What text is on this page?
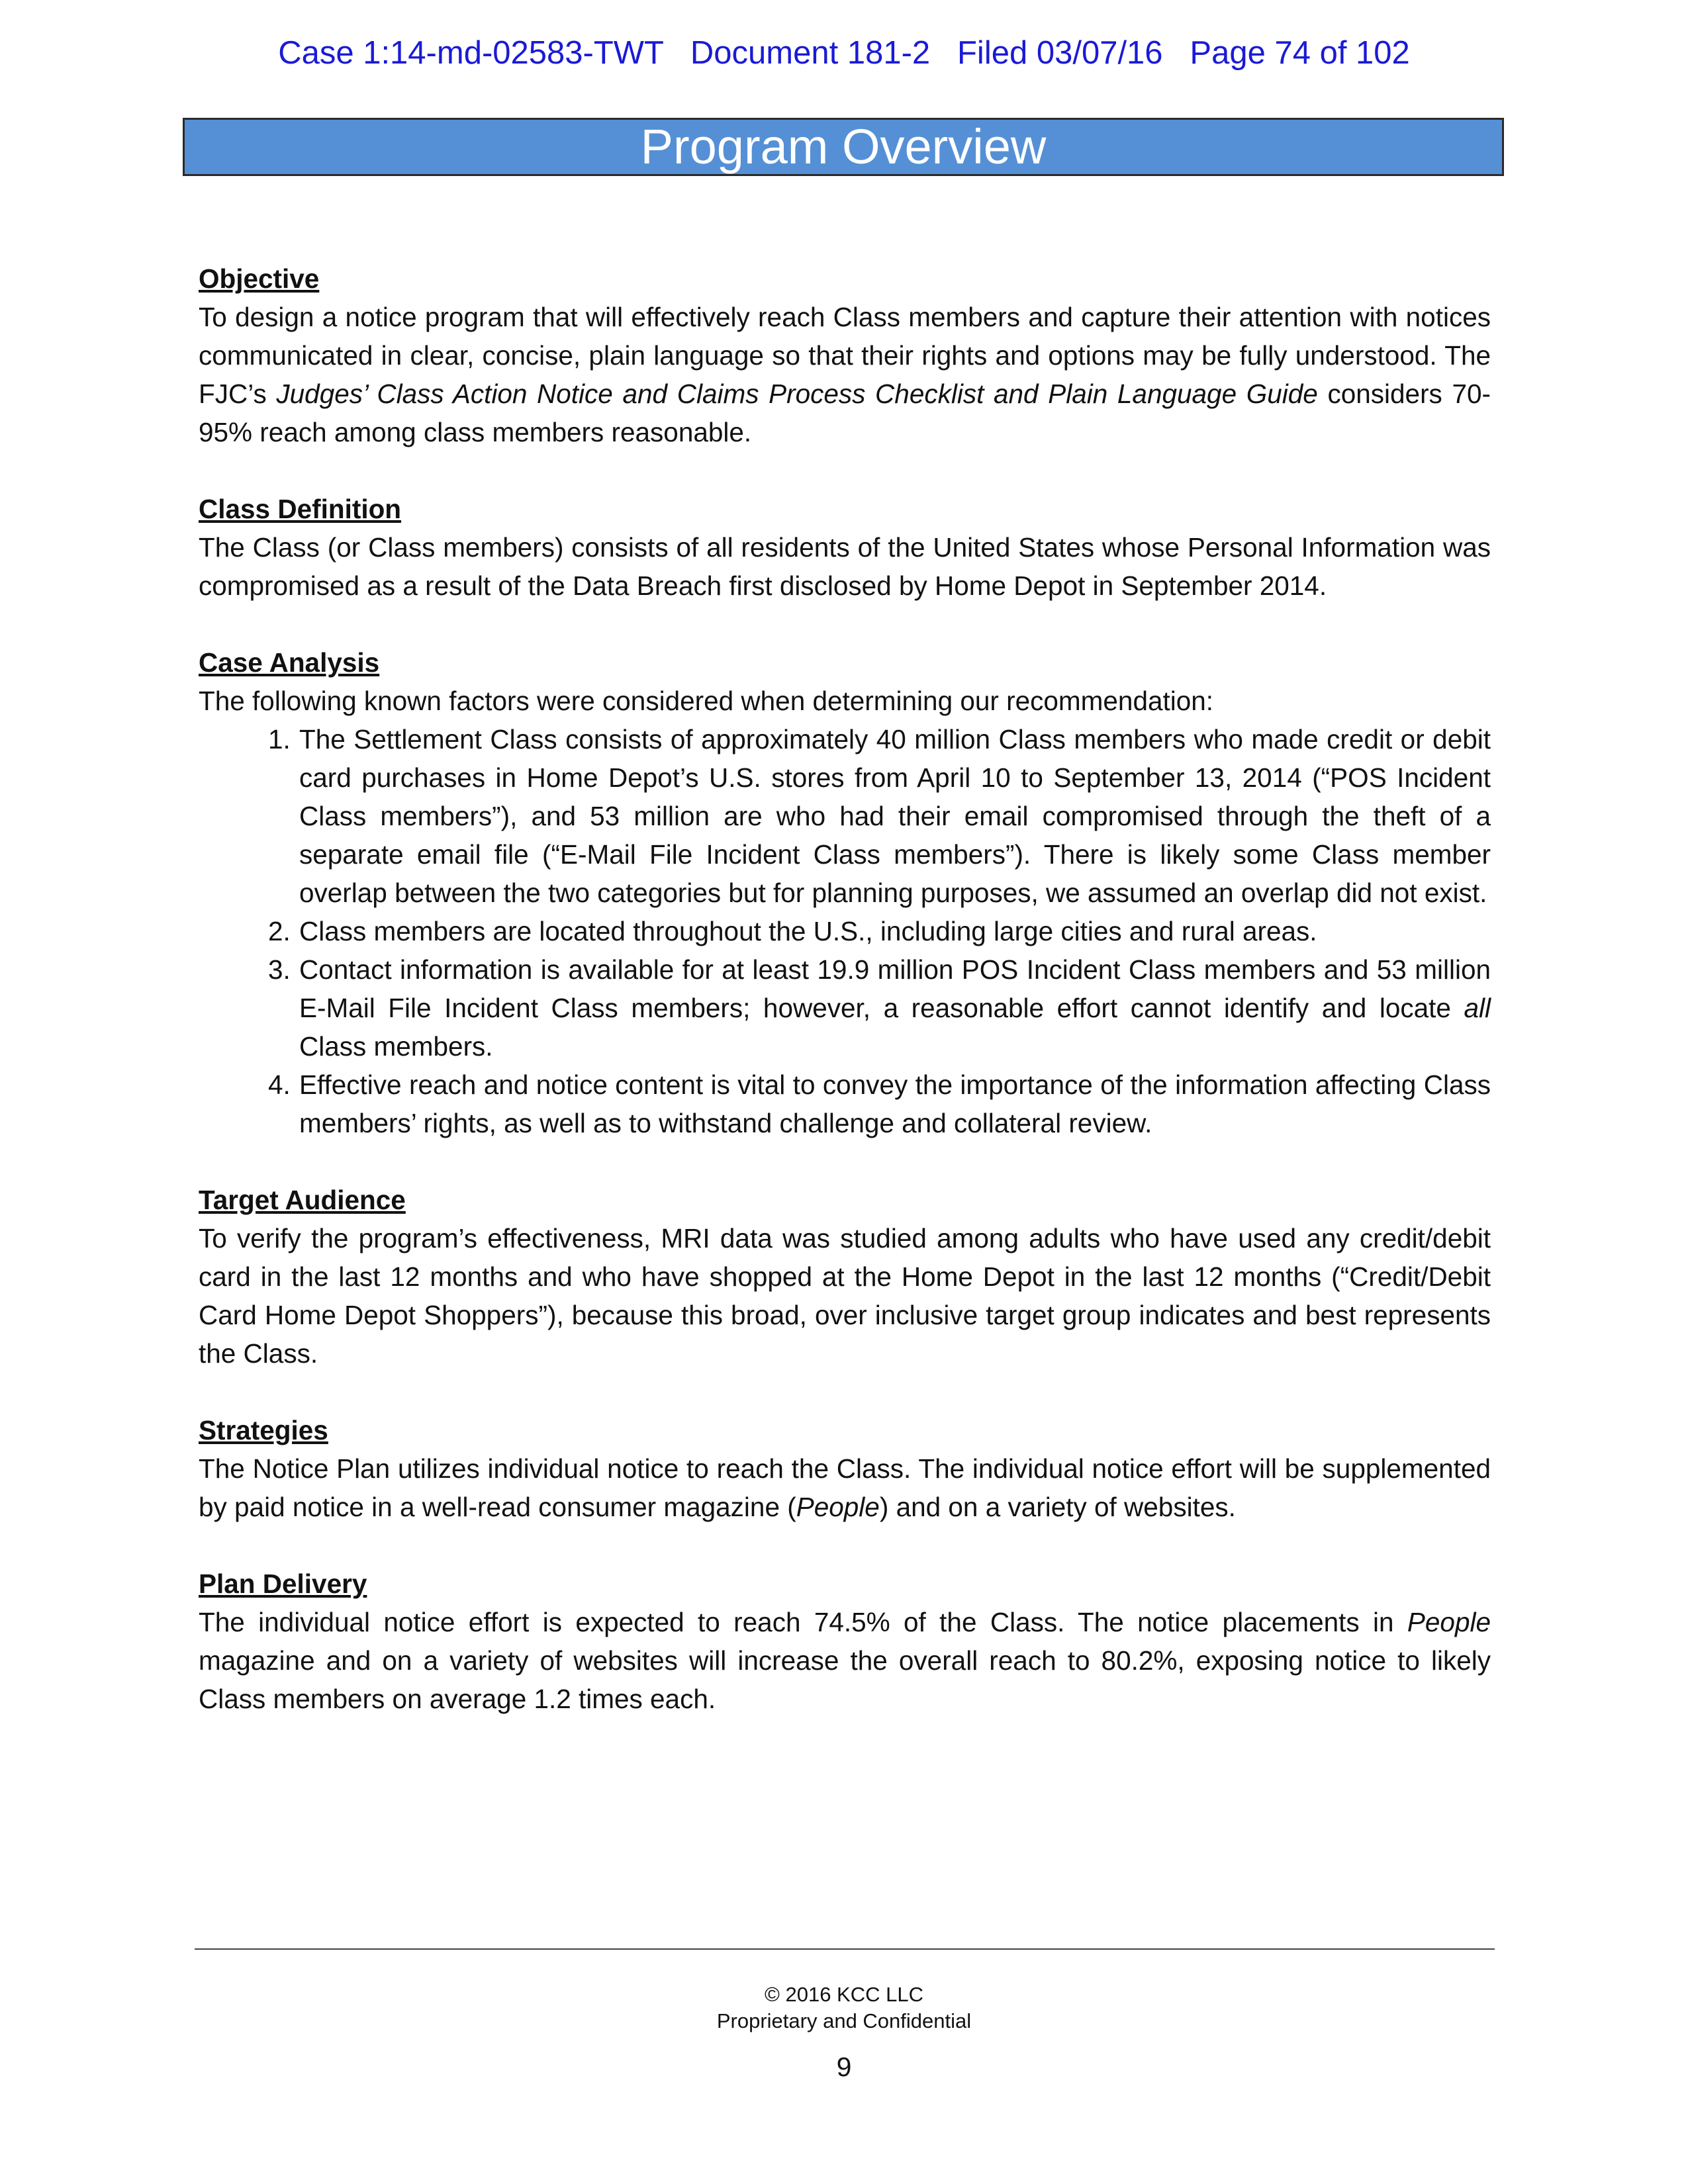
Case 1:14-md-02583-TWT   Document 181-2   Filed 03/07/16   Page 74 of 102
Program Overview
Objective
To design a notice program that will effectively reach Class members and capture their attention with notices communicated in clear, concise, plain language so that their rights and options may be fully understood. The FJC’s Judges’ Class Action Notice and Claims Process Checklist and Plain Language Guide considers 70-95% reach among class members reasonable.
Class Definition
The Class (or Class members) consists of all residents of the United States whose Personal Information was compromised as a result of the Data Breach first disclosed by Home Depot in September 2014.
Case Analysis
The following known factors were considered when determining our recommendation:
1. The Settlement Class consists of approximately 40 million Class members who made credit or debit card purchases in Home Depot’s U.S. stores from April 10 to September 13, 2014 (“POS Incident Class members”), and 53 million are who had their email compromised through the theft of a separate email file (“E-Mail File Incident Class members”). There is likely some Class member overlap between the two categories but for planning purposes, we assumed an overlap did not exist.
2. Class members are located throughout the U.S., including large cities and rural areas.
3. Contact information is available for at least 19.9 million POS Incident Class members and 53 million E-Mail File Incident Class members; however, a reasonable effort cannot identify and locate all Class members.
4. Effective reach and notice content is vital to convey the importance of the information affecting Class members’ rights, as well as to withstand challenge and collateral review.
Target Audience
To verify the program’s effectiveness, MRI data was studied among adults who have used any credit/debit card in the last 12 months and who have shopped at the Home Depot in the last 12 months (“Credit/Debit Card Home Depot Shoppers”), because this broad, over inclusive target group indicates and best represents the Class.
Strategies
The Notice Plan utilizes individual notice to reach the Class. The individual notice effort will be supplemented by paid notice in a well-read consumer magazine (People) and on a variety of websites.
Plan Delivery
The individual notice effort is expected to reach 74.5% of the Class. The notice placements in People magazine and on a variety of websites will increase the overall reach to 80.2%, exposing notice to likely Class members on average 1.2 times each.
© 2016 KCC LLC
Proprietary and Confidential
9
